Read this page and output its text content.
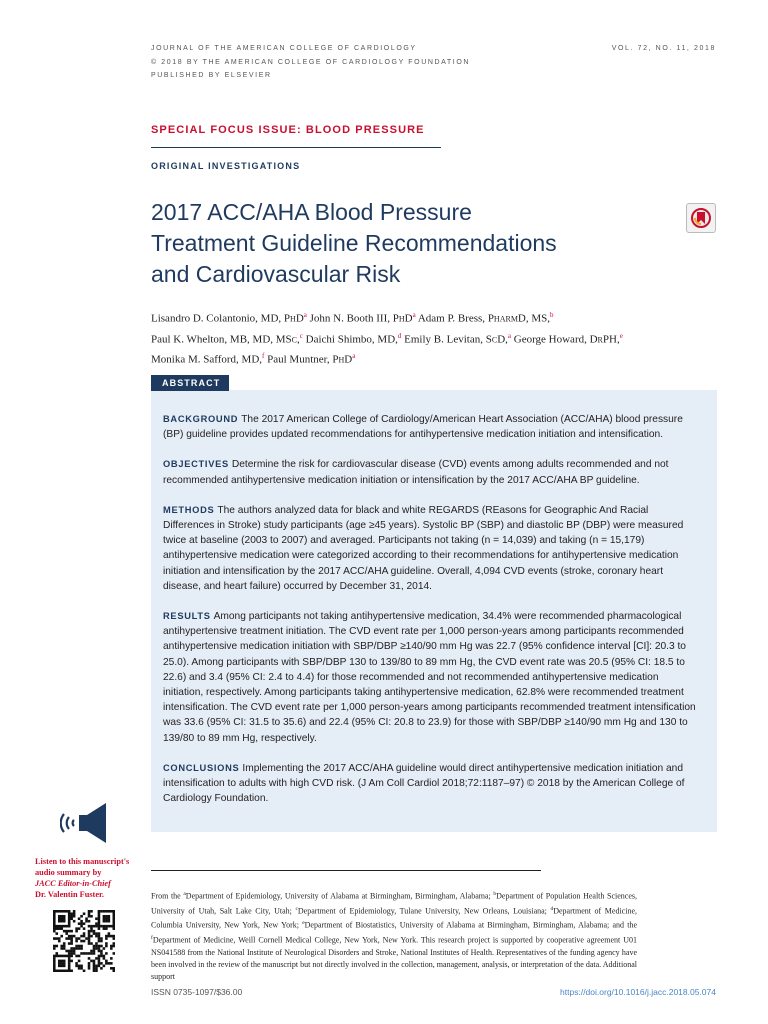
JOURNAL OF THE AMERICAN COLLEGE OF CARDIOLOGY
© 2018 BY THE AMERICAN COLLEGE OF CARDIOLOGY FOUNDATION
PUBLISHED BY ELSEVIER
VOL. 72, NO. 11, 2018
SPECIAL FOCUS ISSUE: BLOOD PRESSURE
ORIGINAL INVESTIGATIONS
2017 ACC/AHA Blood Pressure
Treatment Guideline Recommendations
and Cardiovascular Risk
Lisandro D. Colantonio, MD, PhD$^a$ John N. Booth III, PhD$^a$ Adam P. Bress, PharmD, MS,$^b$
Paul K. Whelton, MB, MD, MSc,$^c$ Daichi Shimbo, MD,$^d$ Emily B. Levitan, ScD,$^a$ George Howard, DrPH,$^e$
Monika M. Safford, MD,$^f$ Paul Muntner, PhD$^a$
ABSTRACT

BACKGROUND The 2017 American College of Cardiology/American Heart Association (ACC/AHA) blood pressure (BP) guideline provides updated recommendations for antihypertensive medication initiation and intensification.

OBJECTIVES Determine the risk for cardiovascular disease (CVD) events among adults recommended and not recommended antihypertensive medication initiation or intensification by the 2017 ACC/AHA BP guideline.

METHODS The authors analyzed data for black and white REGARDS (REasons for Geographic And Racial Differences in Stroke) study participants (age ≥45 years). Systolic BP (SBP) and diastolic BP (DBP) were measured twice at baseline (2003 to 2007) and averaged. Participants not taking (n = 14,039) and taking (n = 15,179) antihypertensive medication were categorized according to their recommendations for antihypertensive medication initiation and intensification by the 2017 ACC/AHA guideline. Overall, 4,094 CVD events (stroke, coronary heart disease, and heart failure) occurred by December 31, 2014.

RESULTS Among participants not taking antihypertensive medication, 34.4% were recommended pharmacological antihypertensive treatment initiation. The CVD event rate per 1,000 person-years among participants recommended antihypertensive medication initiation with SBP/DBP ≥140/90 mm Hg was 22.7 (95% confidence interval [CI]: 20.3 to 25.0). Among participants with SBP/DBP 130 to 139/80 to 89 mm Hg, the CVD event rate was 20.5 (95% CI: 18.5 to 22.6) and 3.4 (95% CI: 2.4 to 4.4) for those recommended and not recommended antihypertensive medication initiation, respectively. Among participants taking antihypertensive medication, 62.8% were recommended treatment intensification. The CVD event rate per 1,000 person-years among participants recommended treatment intensification was 33.6 (95% CI: 31.5 to 35.6) and 22.4 (95% CI: 20.8 to 23.9) for those with SBP/DBP ≥140/90 mm Hg and 130 to 139/80 to 89 mm Hg, respectively.

CONCLUSIONS Implementing the 2017 ACC/AHA guideline would direct antihypertensive medication initiation and intensification to adults with high CVD risk. (J Am Coll Cardiol 2018;72:1187–97) © 2018 by the American College of Cardiology Foundation.

Listen to this manuscript's
audio summary by
JACC Editor-in-Chief
Dr. Valentin Fuster.	From the $^a$Department of Epidemiology, University of Alabama at Birmingham, Birmingham, Alabama; $^b$Department of Population Health Sciences, University of Utah, Salt Lake City, Utah; $^c$Department of Epidemiology, Tulane University, New Orleans, Louisiana; $^d$Department of Medicine, Columbia University, New York, New York; $^e$Department of Biostatistics, University of Alabama at Birmingham, Birmingham, Alabama; and the $^f$Department of Medicine, Weill Cornell Medical College, New York, New York. This research project is supported by cooperative agreement U01 NS041588 from the National Institute of Neurological Disorders and Stroke, National Institutes of Health. Representatives of the funding agency have been involved in the review of the manuscript but not directly involved in the collection, management, analysis, or interpretation of the data. Additional support
ISSN 0735-1097/$36.00	https://doi.org/10.1016/j.jacc.2018.05.074
